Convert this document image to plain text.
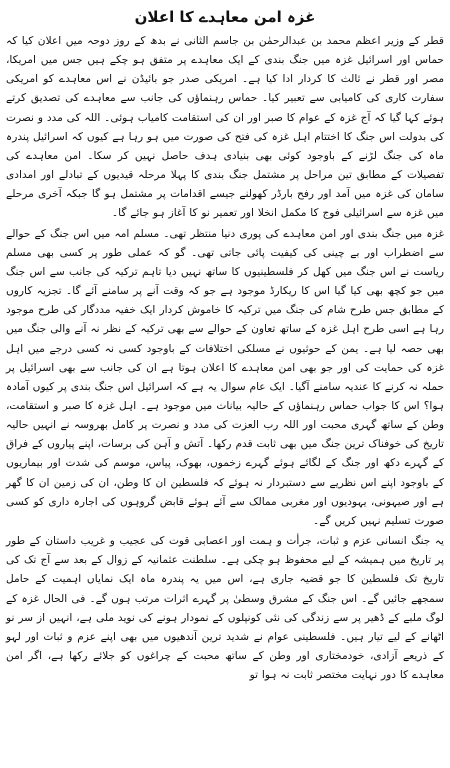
غزہ امن معاہدے کا اعلان

قطر کے وزیر اعظم محمد بن عبدالرحمٰن بن جاسم الثانی نے بدھ کے روز دوحہ میں اعلان کیا کہ حماس اور اسرائیل غزہ میں جنگ بندی کے ایک معاہدے پر متفق ہو چکے ہیں جس میں امریکا، مصر اور قطر نے ثالث کا کردار ادا کیا ہے۔ امریکی صدر جو بائیڈن نے اس معاہدے کو امریکی سفارت کاری کی کامیابی سے تعبیر کیا۔ حماس رہنماؤں کی جانب سے معاہدے کی تصدیق کرتے ہوئے کہا گیا کہ آج غزہ کے عوام کا صبر اور ان کی استقامت کامیاب ہوئی۔ اللہ کی مدد و نصرت کی بدولت اس جنگ کا اختتام اہل غزہ کی فتح کی صورت میں ہو رہا ہے کیوں کہ اسرائیل پندرہ ماہ کی جنگ لڑنے کے باوجود کوئی بھی بنیادی ہدف حاصل نہیں کر سکا۔ امن معاہدے کی تفصیلات کے مطابق تین مراحل پر مشتمل جنگ بندی کا پہلا مرحلہ قیدیوں کے تبادلے اور امدادی سامان کی غزہ میں آمد اور رفح بارڈر کھولنے جیسے اقدامات پر مشتمل ہو گا جبکہ آخری مرحلے میں غزہ سے اسرائیلی فوج کا مکمل انخلا اور تعمیر نو کا آغاز ہو جائے گا۔

غزہ میں جنگ بندی اور امن معاہدے کی پوری دنیا منتظر تھی۔ مسلم امہ میں اس جنگ کے حوالے سے اضطراب اور بے چینی کی کیفیت پائی جاتی تھی۔ گو کہ عملی طور پر کسی بھی مسلم ریاست نے اس جنگ میں کھل کر فلسطینیوں کا ساتھ نہیں دیا تاہم ترکیہ کی جانب سے اس جنگ میں جو کچھ بھی کیا گیا اس کا ریکارڈ موجود ہے جو کہ وقت آنے پر سامنے آئے گا۔ تجزیہ کاروں کے مطابق جس طرح شام کی جنگ میں ترکیہ کا خاموش کردار ایک خفیہ مددگار کی طرح موجود رہا ہے اسی طرح اہل غزہ کے ساتھ تعاون کے حوالے سے بھی ترکیہ کے نظر نہ آنے والی جنگ میں بھی حصہ لیا ہے۔ یمن کے حوثیوں نے مسلکی اختلافات کے باوجود کسی نہ کسی درجے میں اہل غزہ کی حمایت کی اور جو بھی امن معاہدے کا اعلان ہوتا ہے ان کی جانب سے بھی اسرائیل پر حملہ نہ کرنے کا عندیہ سامنے آگیا۔ ایک عام سوال یہ ہے کہ اسرائیل اس جنگ بندی پر کیوں آمادہ ہوا؟ اس کا جواب حماس رہنماؤں کے حالیہ بیانات میں موجود ہے۔ اہل غزہ کا صبر و استقامت، وطن کے ساتھ گہری محبت اور اللہ رب العزت کی مدد و نصرت پر کامل بھروسہ نے انہیں حالیہ تاریخ کی خوفناک ترین جنگ میں بھی ثابت قدم رکھا۔ آتش و آہن کی برسات، اپنے پیاروں کے فراق کے گہرے دکھ اور جنگ کے لگائے ہوئے گہرے زخموں، بھوک، پیاس، موسم کی شدت اور بیماریوں کے باوجود اپنے اس نظریے سے دستبردار نہ ہوئے کہ فلسطین ان کا وطن، ان کی زمین ان کا گھر ہے اور صیہونی، یہودیوں اور مغربی ممالک سے آئے ہوئے قابض گروہوں کی اجارہ داری کو کسی صورت تسلیم نہیں کریں گے۔

یہ جنگ انسانی عزم و ثبات، جرأت و ہمت اور اعصابی قوت کی عجیب و غریب داستان کے طور پر تاریخ میں ہمیشہ کے لیے محفوظ ہو چکی ہے۔ سلطنت عثمانیہ کے زوال کے بعد سے آج تک کی تاریخ تک فلسطین کا جو قضیہ جاری ہے، اس میں یہ پندرہ ماہ ایک نمایاں اہمیت کے حامل سمجھے جائیں گے۔ اس جنگ کے مشرق وسطیٰ پر گہرے اثرات مرتب ہوں گے۔ فی الحال غزہ کے لوگ ملبے کے ڈھیر پر سے زندگی کی نئی کونپلوں کے نمودار ہونے کی نوید ملی ہے، انہیں از سر نو اٹھانے کے لیے تیار ہیں۔ فلسطینی عوام نے شدید ترین آندھیوں میں بھی اپنے عزم و ثبات اور لہو کے ذریعے آزادی، خودمختاری اور وطن کے ساتھ محبت کے چراغوں کو جلائے رکھا ہے، اگر امن معاہدے کا دور نہایت مختصر ثابت نہ ہوا تو
